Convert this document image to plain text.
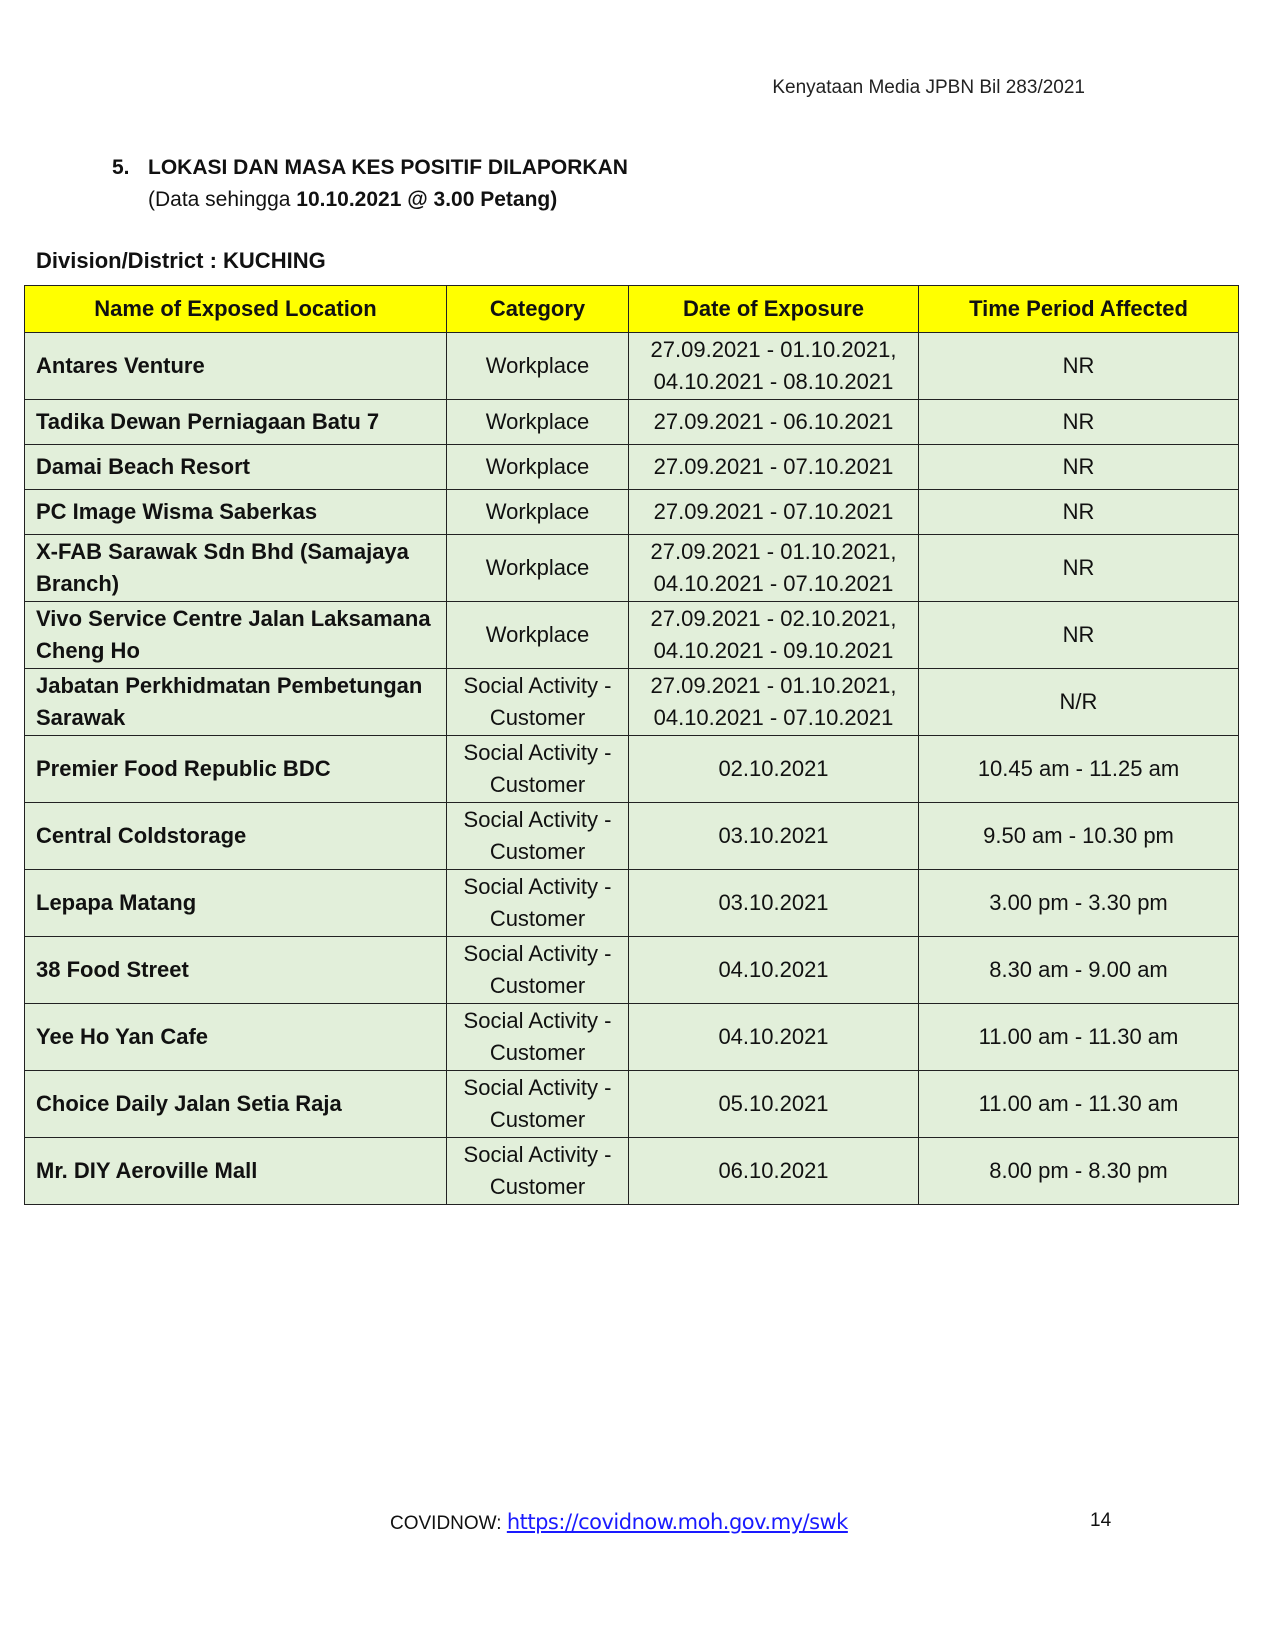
Kenyataan Media JPBN Bil 283/2021
5. LOKASI DAN MASA KES POSITIF DILAPORKAN
(Data sehingga 10.10.2021 @ 3.00 Petang)
Division/District : KUCHING
Name of Exposed Location	Category	Date of Exposure	Time Period Affected
Antares Venture	Workplace	27.09.2021 - 01.10.2021, 04.10.2021 - 08.10.2021	NR
Tadika Dewan Perniagaan Batu 7	Workplace	27.09.2021 - 06.10.2021	NR
Damai Beach Resort	Workplace	27.09.2021 - 07.10.2021	NR
PC Image Wisma Saberkas	Workplace	27.09.2021 - 07.10.2021	NR
X-FAB Sarawak Sdn Bhd (Samajaya Branch)	Workplace	27.09.2021 - 01.10.2021, 04.10.2021 - 07.10.2021	NR
Vivo Service Centre Jalan Laksamana Cheng Ho	Workplace	27.09.2021 - 02.10.2021, 04.10.2021 - 09.10.2021	NR
Jabatan Perkhidmatan Pembetungan Sarawak	Social Activity - Customer	27.09.2021 - 01.10.2021, 04.10.2021 - 07.10.2021	N/R
Premier Food Republic BDC	Social Activity - Customer	02.10.2021	10.45 am - 11.25 am
Central Coldstorage	Social Activity - Customer	03.10.2021	9.50 am - 10.30 pm
Lepapa Matang	Social Activity - Customer	03.10.2021	3.00 pm - 3.30 pm
38 Food Street	Social Activity - Customer	04.10.2021	8.30 am - 9.00 am
Yee Ho Yan Cafe	Social Activity - Customer	04.10.2021	11.00 am - 11.30 am
Choice Daily Jalan Setia Raja	Social Activity - Customer	05.10.2021	11.00 am - 11.30 am
Mr. DIY Aeroville Mall	Social Activity - Customer	06.10.2021	8.00 pm - 8.30 pm
COVIDNOW: https://covidnow.moh.gov.my/swk	14
